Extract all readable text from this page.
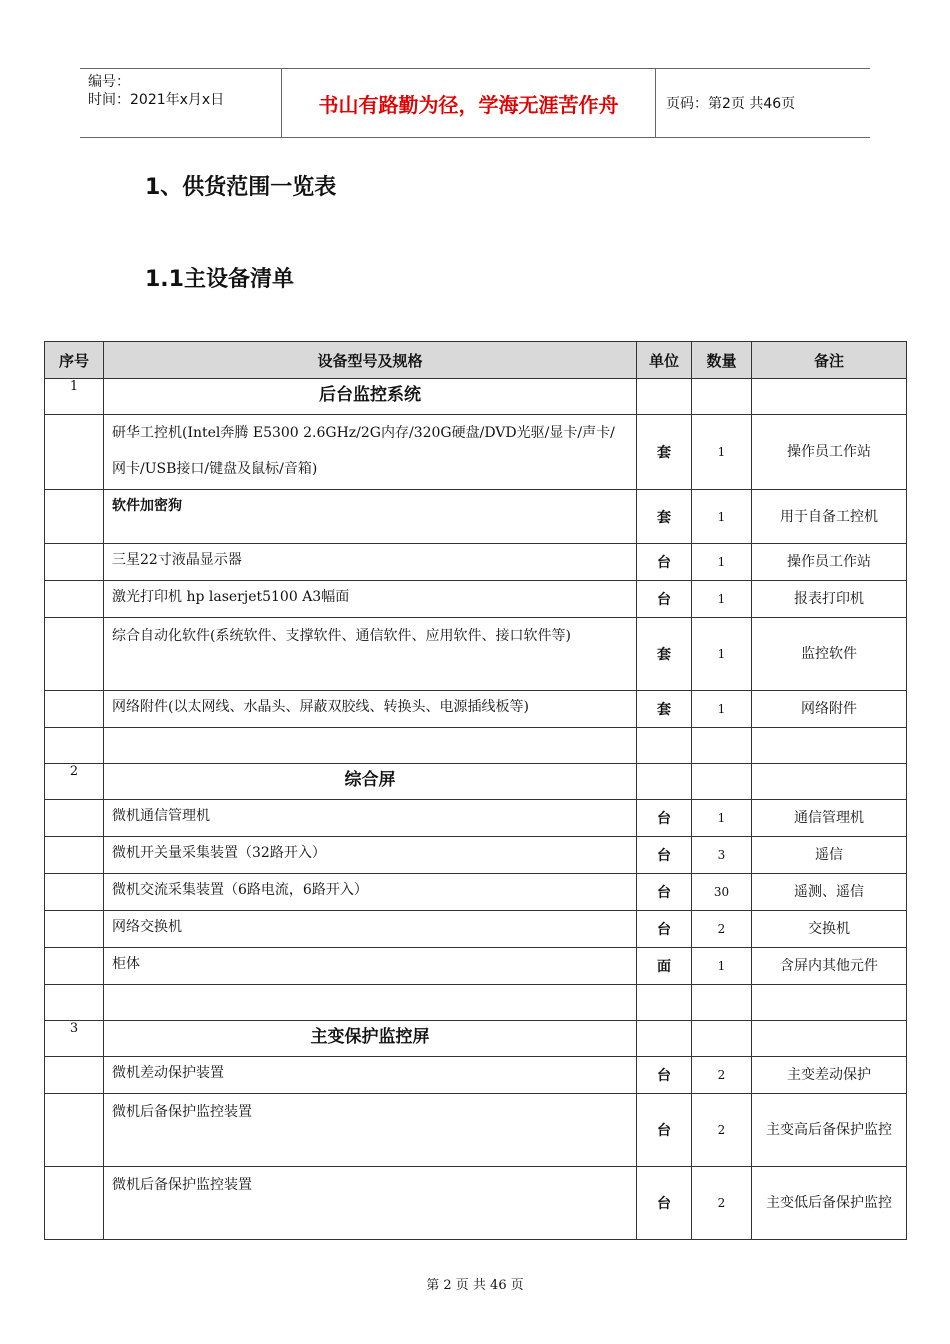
编号：
时间：2021年x月x日	书山有路勤为径，学海无涯苦作舟	页码：第2页 共46页
1、供货范围一览表
1.1主设备清单
序号	设备型号及规格	单位	数量	备注
1	后台监控系统			
	研华工控机(Intel奔腾 E5300 2.6GHz/2G内存/320G硬盘/DVD光驱/显卡/声卡/网卡/USB接口/键盘及鼠标/音箱)	套	1	操作员工作站
	软件加密狗	套	1	用于自备工控机
	三星22寸液晶显示器	台	1	操作员工作站
	激光打印机 hp laserjet5100 A3幅面	台	1	报表打印机
	综合自动化软件(系统软件、支撑软件、通信软件、应用软件、接口软件等)	套	1	监控软件
	网络附件(以太网线、水晶头、屏蔽双胶线、转换头、电源插线板等)	套	1	网络附件

2	综合屏			
	微机通信管理机	台	1	通信管理机
	微机开关量采集装置（32路开入）	台	3	遥信
	微机交流采集装置（6路电流，6路开入）	台	30	遥测、遥信
	网络交换机	台	2	交换机
	柜体	面	1	含屏内其他元件

3	主变保护监控屏			
	微机差动保护装置	台	2	主变差动保护
	微机后备保护监控装置	台	2	主变高后备保护监控
	微机后备保护监控装置	台	2	主变低后备保护监控
第 2 页 共 46 页
